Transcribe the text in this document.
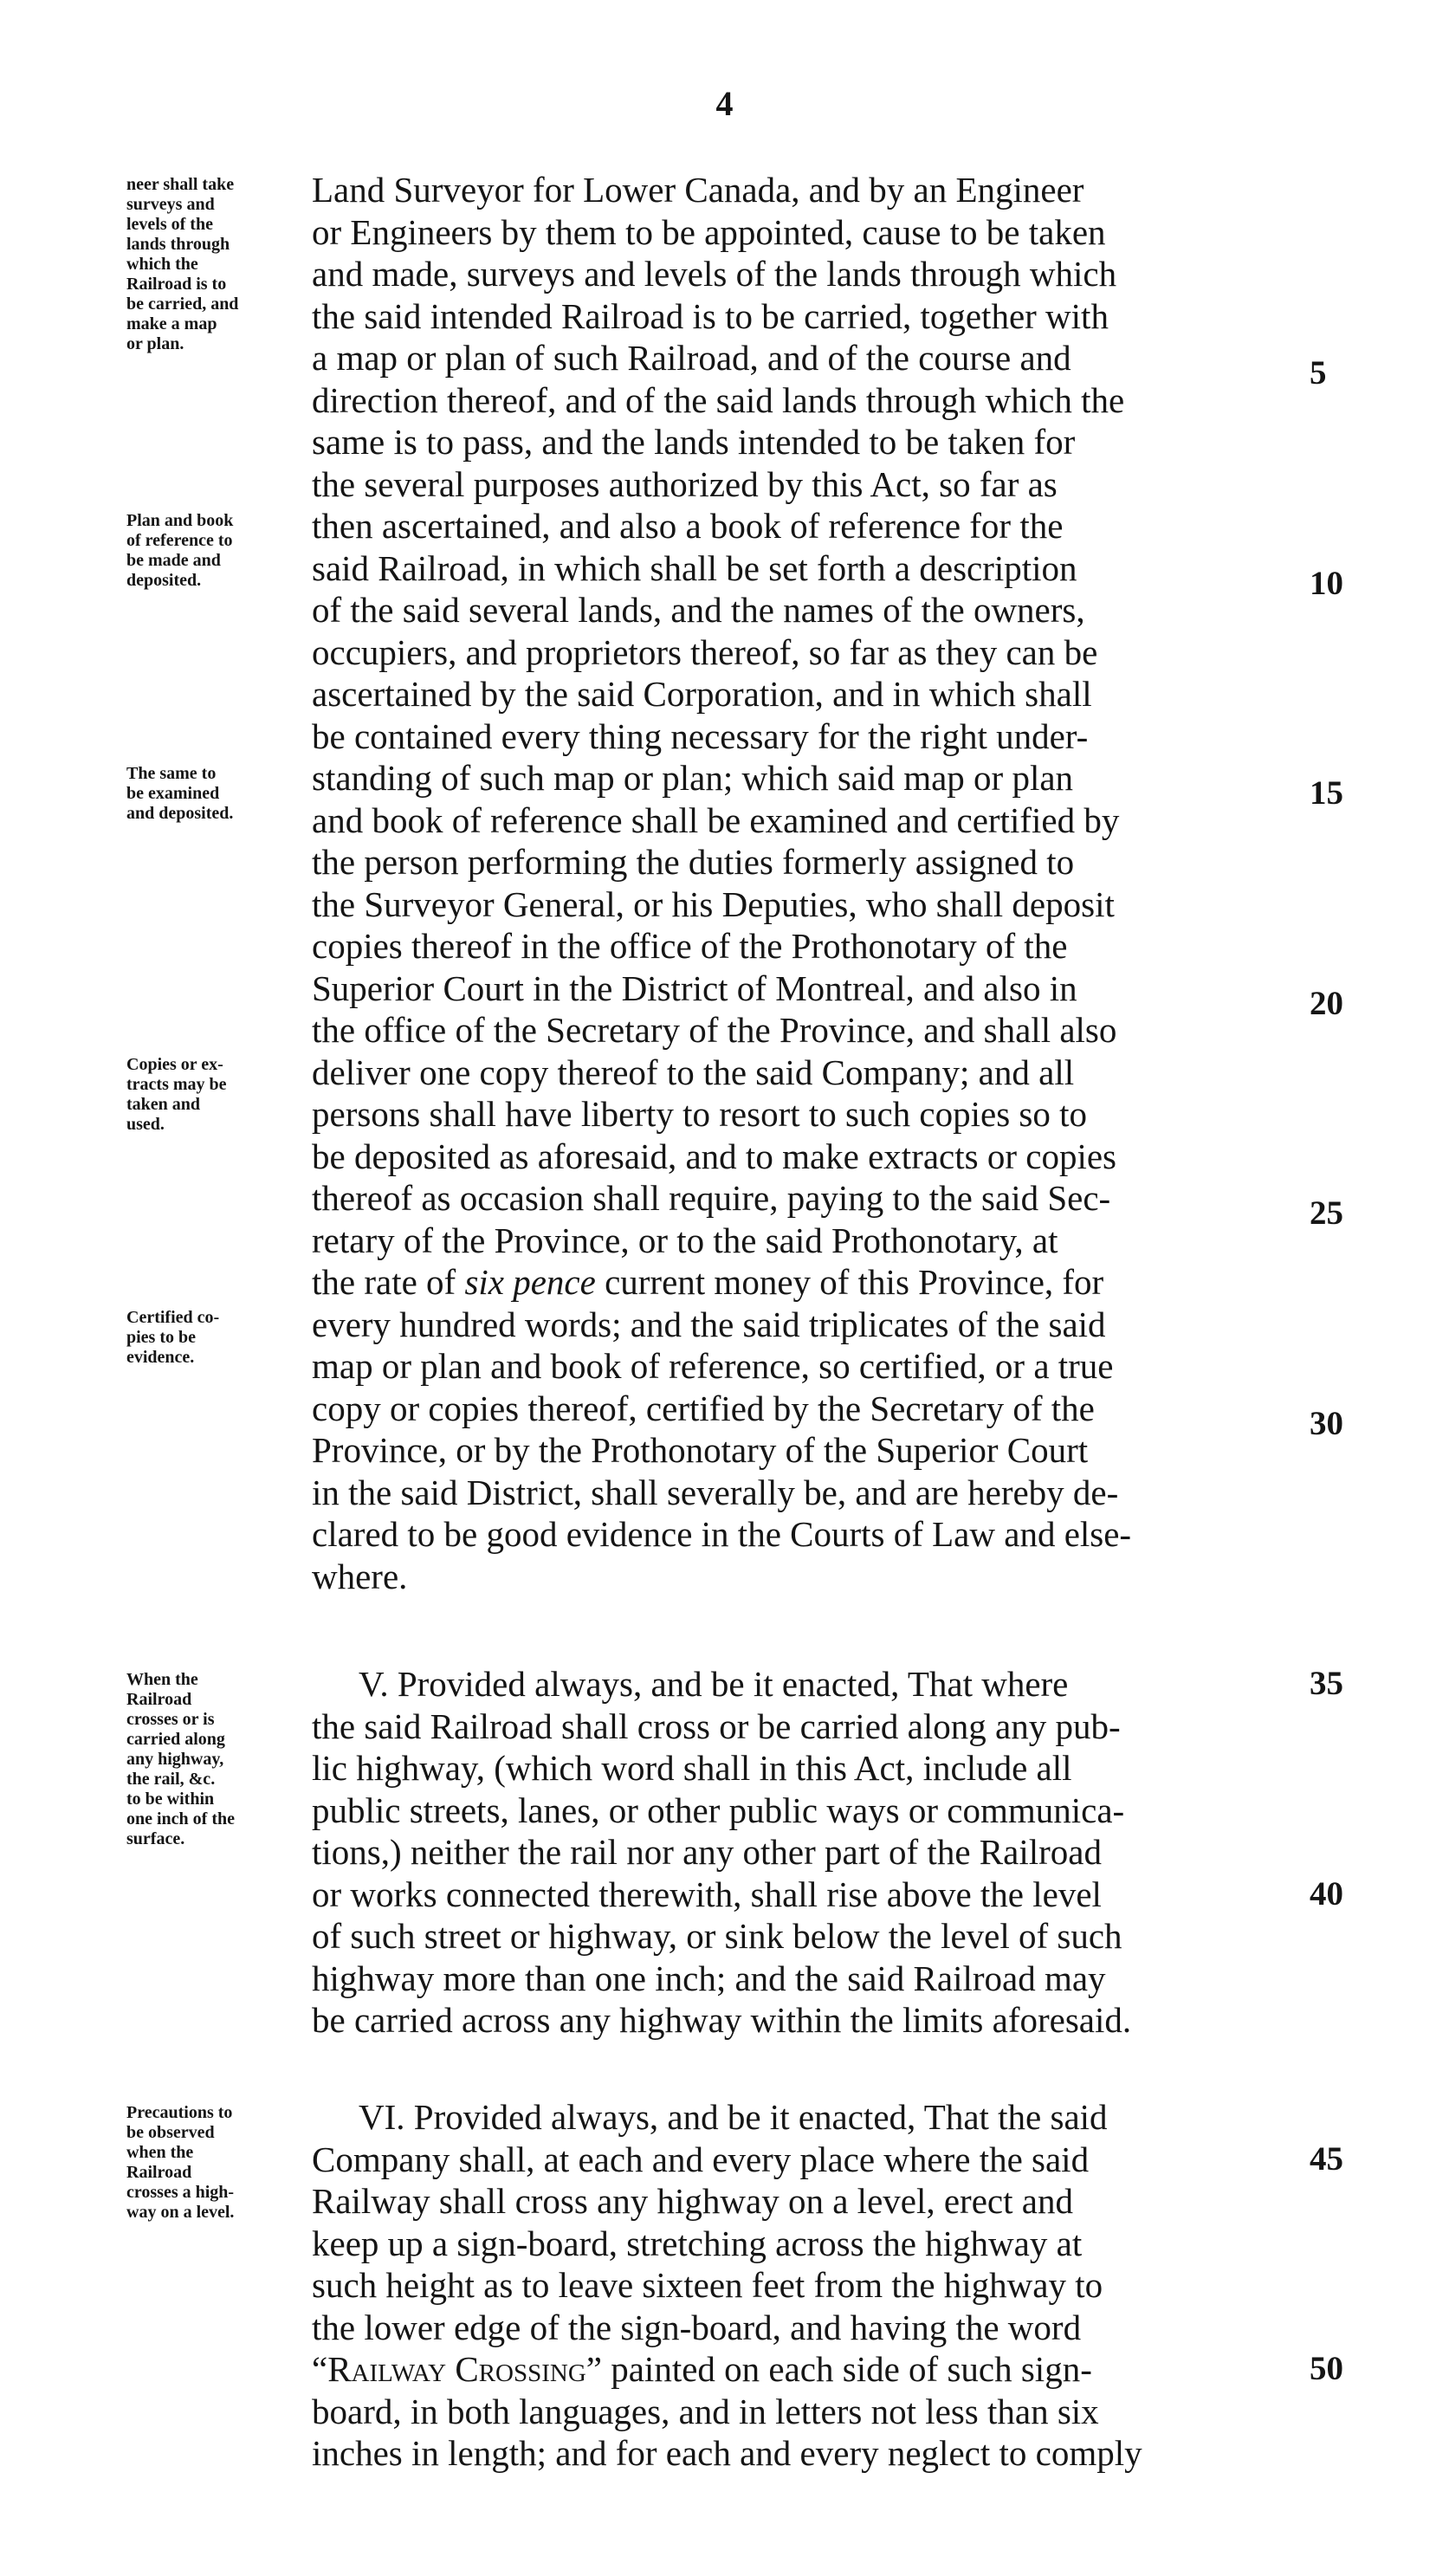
4
Land Surveyor for Lower Canada, and by an Engineer
or Engineers by them to be appointed, cause to be taken
and made, surveys and levels of the lands through which
the said intended Railroad is to be carried, together with
a map or plan of such Railroad, and of the course and
direction thereof, and of the said lands through which the
same is to pass, and the lands intended to be taken for
the several purposes authorized by this Act, so far as
then ascertained, and also a book of reference for the
said Railroad, in which shall be set forth a description
of the said several lands, and the names of the owners,
occupiers, and proprietors thereof, so far as they can be
ascertained by the said Corporation, and in which shall
be contained every thing necessary for the right under-
standing of such map or plan; which said map or plan
and book of reference shall be examined and certified by
the person performing the duties formerly assigned to
the Surveyor General, or his Deputies, who shall deposit
copies thereof in the office of the Prothonotary of the
Superior Court in the District of Montreal, and also in
the office of the Secretary of the Province, and shall also
deliver one copy thereof to the said Company; and all
persons shall have liberty to resort to such copies so to
be deposited as aforesaid, and to make extracts or copies
thereof as occasion shall require, paying to the said Sec-
retary of the Province, or to the said Prothonotary, at
the rate of six pence current money of this Province, for
every hundred words; and the said triplicates of the said
map or plan and book of reference, so certified, or a true
copy or copies thereof, certified by the Secretary of the
Province, or by the Prothonotary of the Superior Court
in the said District, shall severally be, and are hereby de-
clared to be good evidence in the Courts of Law and else-
where.
V. Provided always, and be it enacted, That where
the said Railroad shall cross or be carried along any pub-
lic highway, (which word shall in this Act, include all
public streets, lanes, or other public ways or communica-
tions,) neither the rail nor any other part of the Railroad
or works connected therewith, shall rise above the level
of such street or highway, or sink below the level of such
highway more than one inch; and the said Railroad may
be carried across any highway within the limits aforesaid.
VI. Provided always, and be it enacted, That the said
Company shall, at each and every place where the said
Railway shall cross any highway on a level, erect and
keep up a sign-board, stretching across the highway at
such height as to leave sixteen feet from the highway to
the lower edge of the sign-board, and having the word
“Railway Crossing” painted on each side of such sign-
board, in both languages, and in letters not less than six
inches in length; and for each and every neglect to comply
neer shall take
surveys and
levels of the
lands through
which the
Railroad is to
be carried, and
make a map
or plan.
Plan and book
of reference to
be made and
deposited.
The same to
be examined
and deposited.
Copies or ex-
tracts may be
taken and
used.
Certified co-
pies to be
evidence.
When the
Railroad
crosses or is
carried along
any highway,
the rail, &c.
to be within
one inch of the
surface.
Precautions to
be observed
when the
Railroad
crosses a high-
way on a level.
5
10
15
20
25
30
35
40
45
50
